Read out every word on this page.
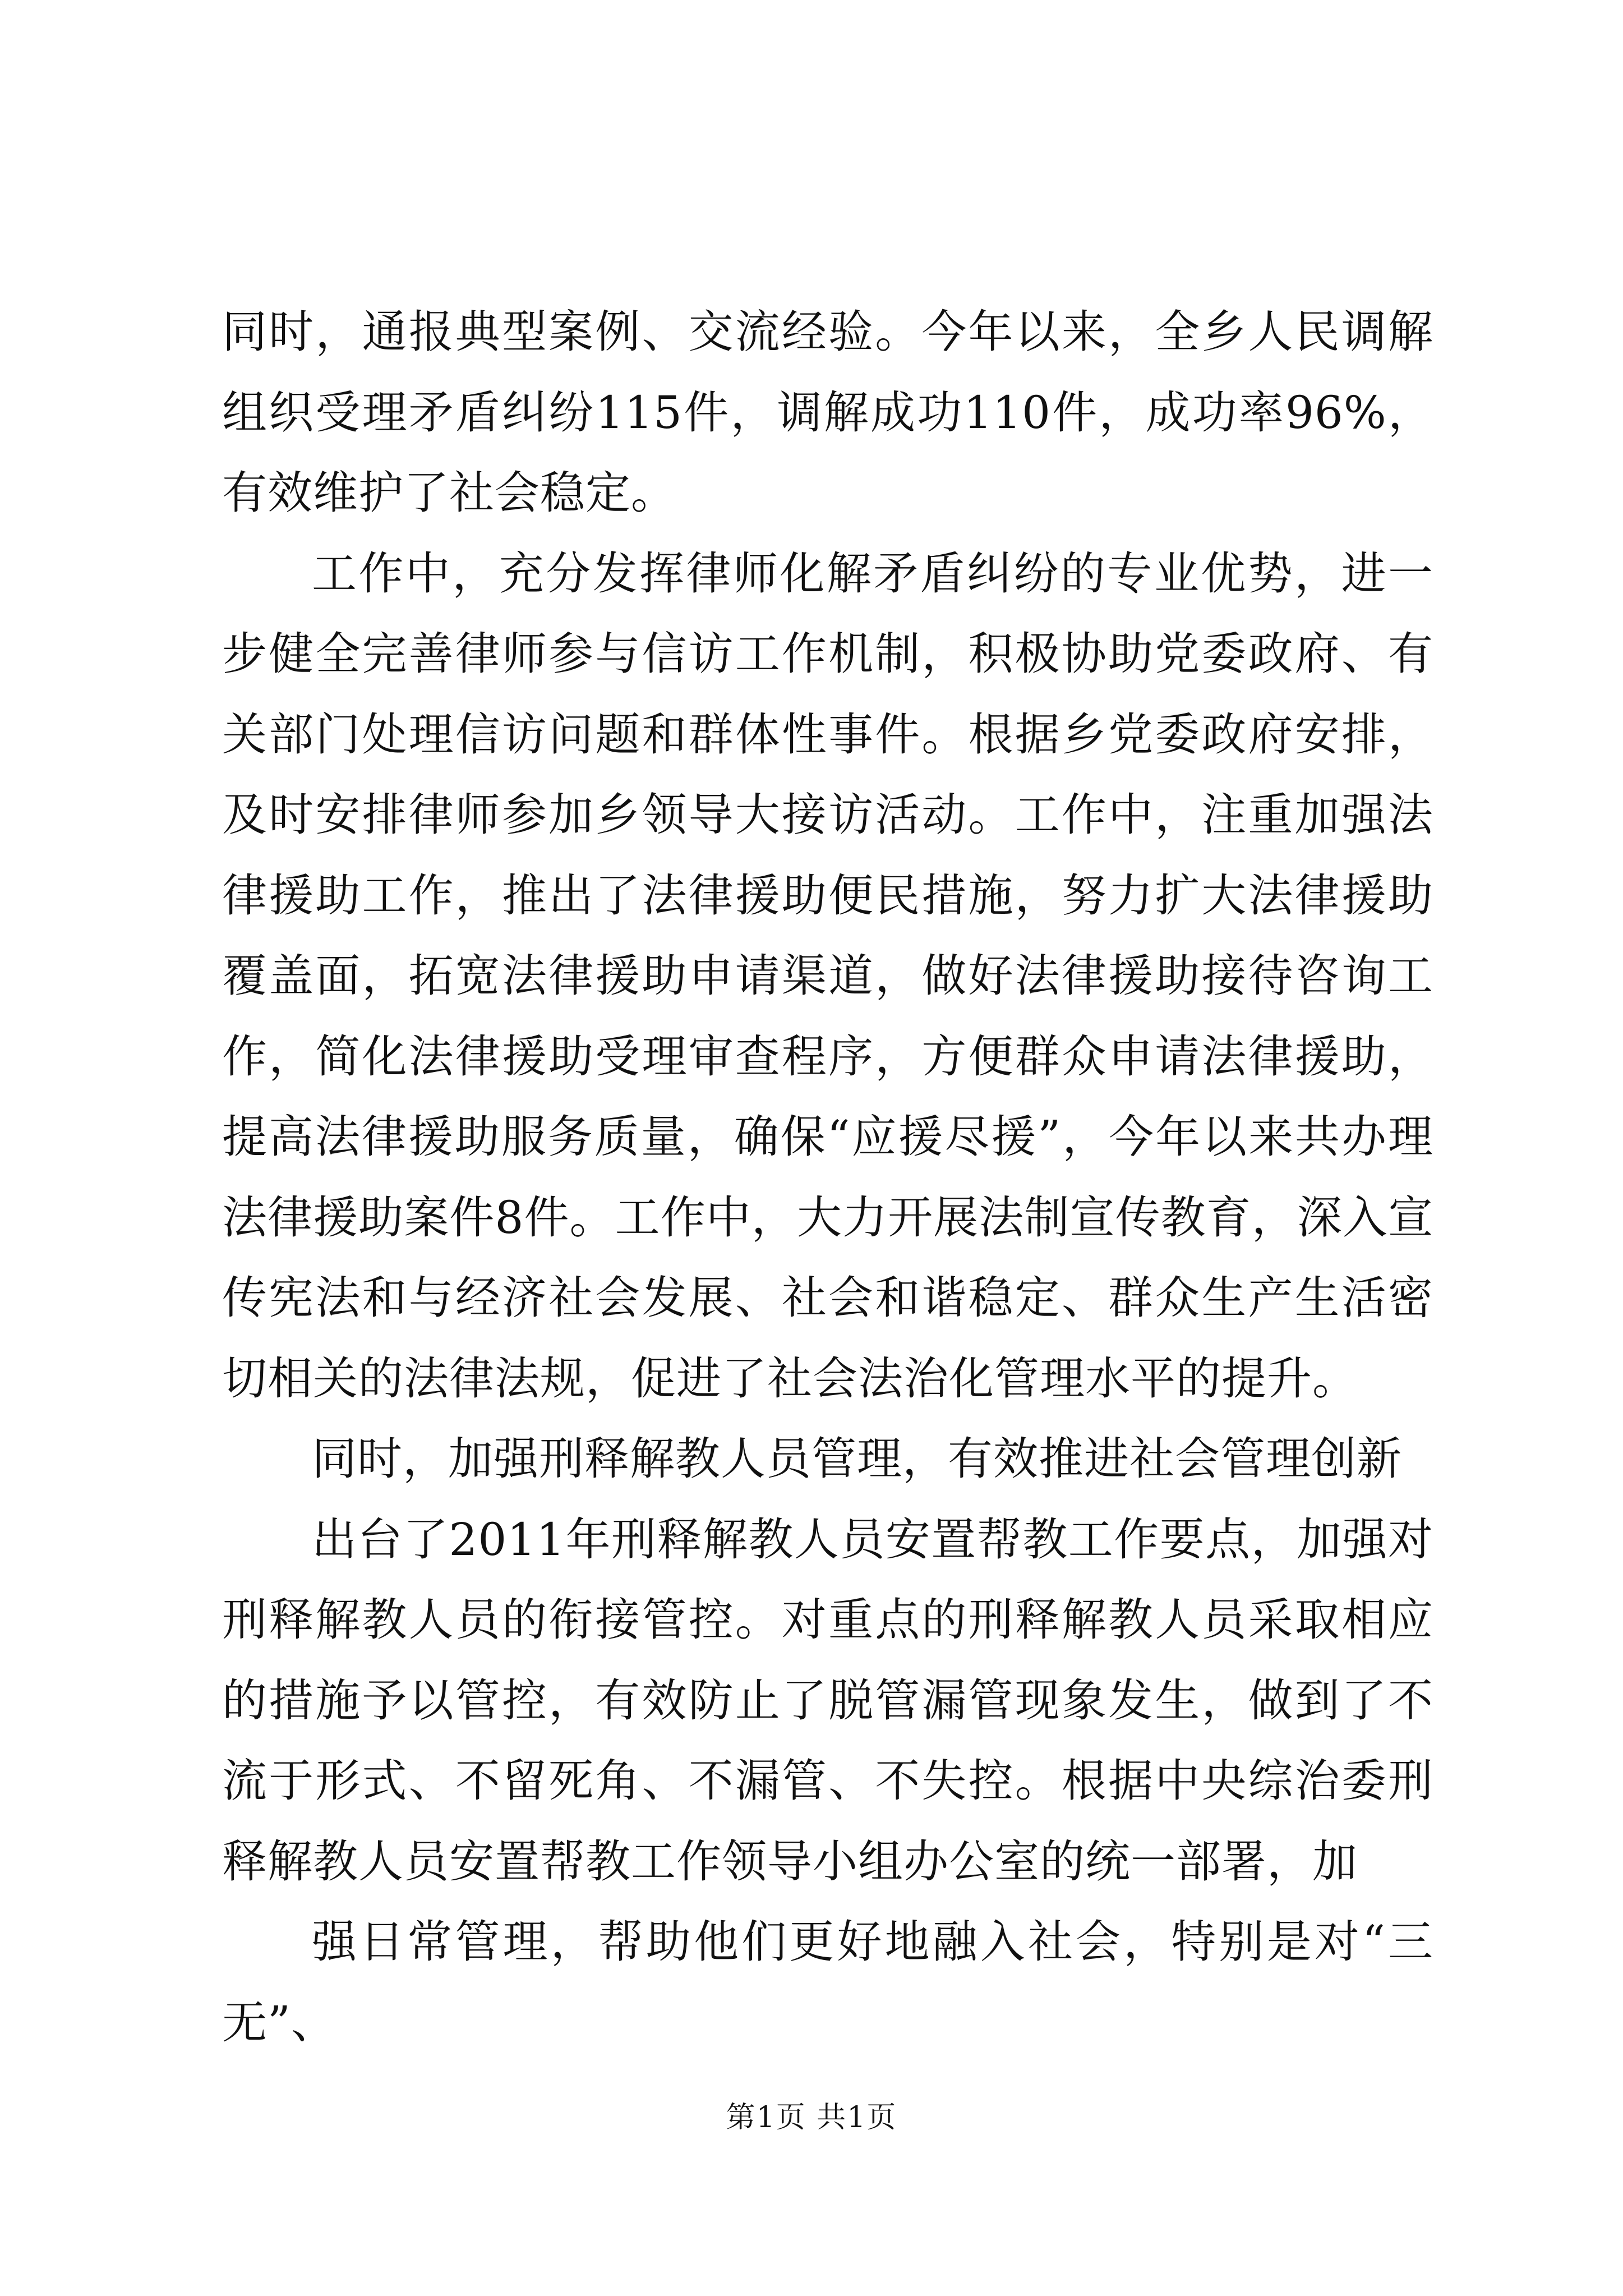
同时，通报典型案例、交流经验。今年以来，全乡人民调解组织受理矛盾纠纷115件，调解成功110件，成功率96%，有效维护了社会稳定。

工作中，充分发挥律师化解矛盾纠纷的专业优势，进一步健全完善律师参与信访工作机制，积极协助党委政府、有关部门处理信访问题和群体性事件。根据乡党委政府安排，及时安排律师参加乡领导大接访活动。工作中，注重加强法律援助工作，推出了法律援助便民措施，努力扩大法律援助覆盖面，拓宽法律援助申请渠道，做好法律援助接待咨询工作，简化法律援助受理审查程序，方便群众申请法律援助，提高法律援助服务质量，确保“应援尽援”，今年以来共办理法律援助案件8件。工作中，大力开展法制宣传教育，深入宣传宪法和与经济社会发展、社会和谐稳定、群众生产生活密切相关的法律法规，促进了社会法治化管理水平的提升。

同时，加强刑释解教人员管理，有效推进社会管理创新

出台了2011年刑释解教人员安置帮教工作要点，加强对刑释解教人员的衔接管控。对重点的刑释解教人员采取相应的措施予以管控，有效防止了脱管漏管现象发生，做到了不流于形式、不留死角、不漏管、不失控。根据中央综治委刑释解教人员安置帮教工作领导小组办公室的统一部署，加

强日常管理，帮助他们更好地融入社会，特别是对“三无”、

第1页 共1页
